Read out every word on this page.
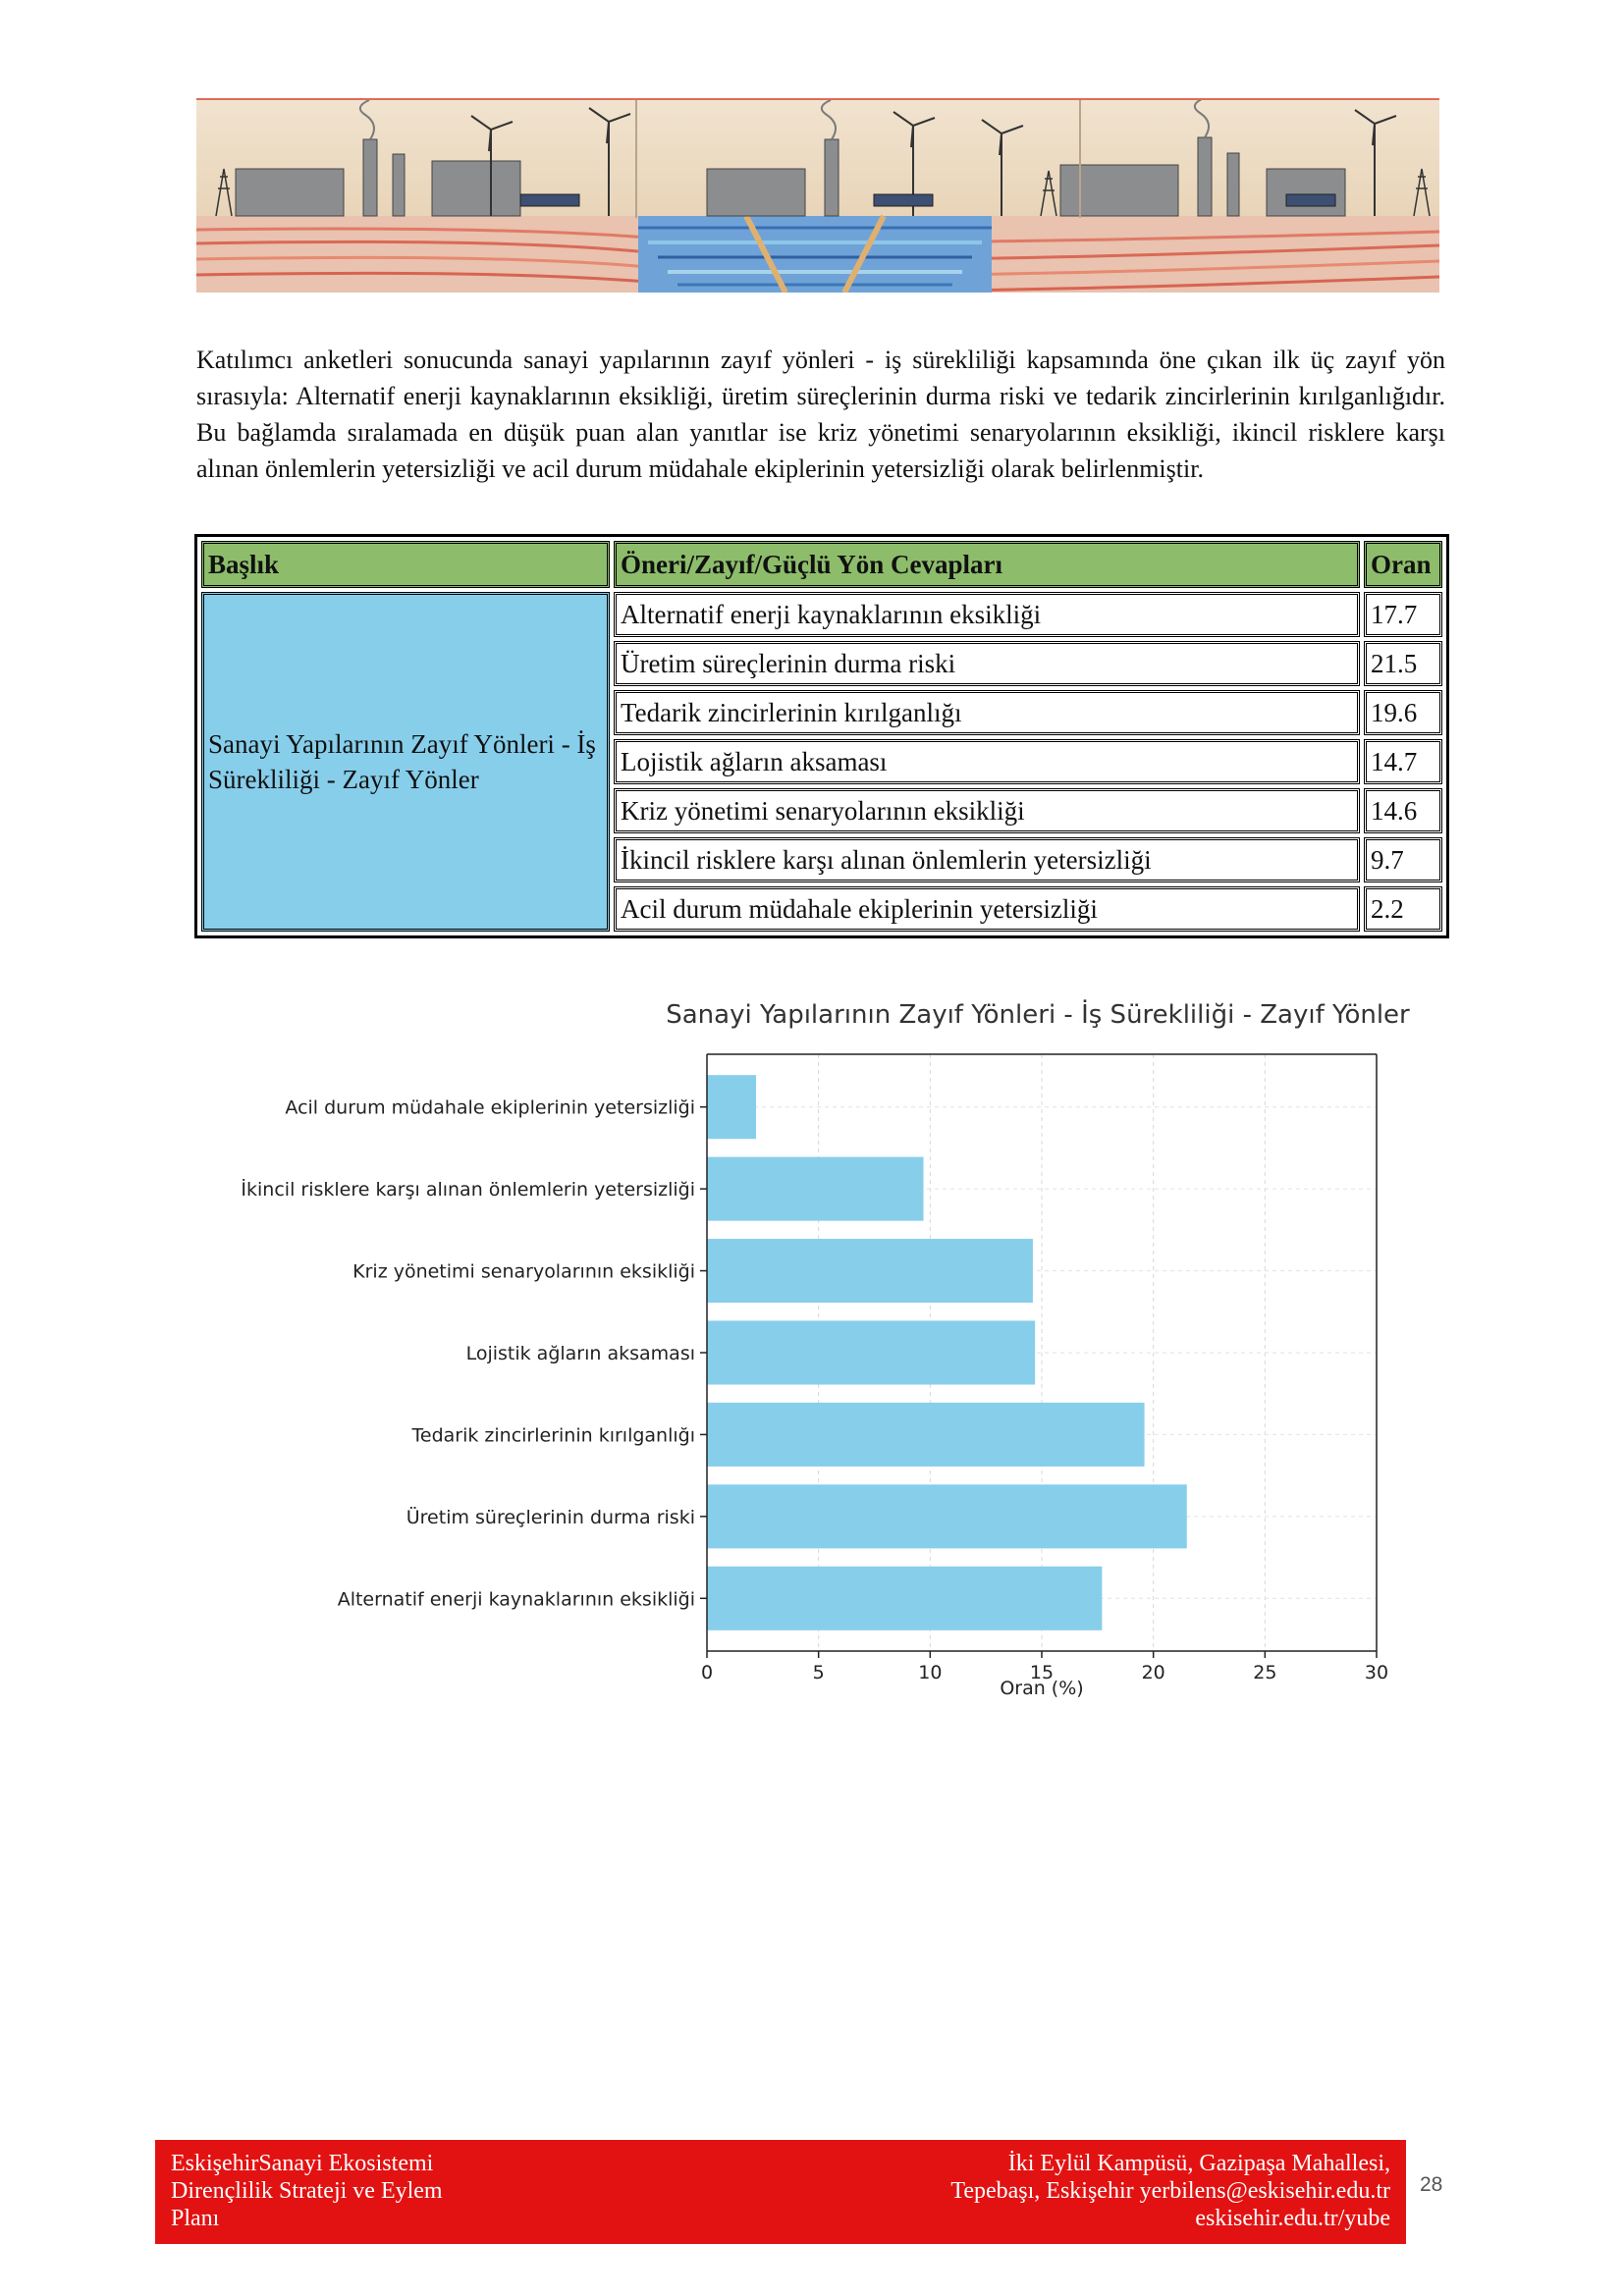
Katılımcı anketleri sonucunda sanayi yapılarının zayıf yönleri - iş sürekliliği kapsamında öne çıkan ilk üç zayıf yön sırasıyla: Alternatif enerji kaynaklarının eksikliği, üretim süreçlerinin durma riski ve tedarik zincirlerinin kırılganlığıdır. Bu bağlamda sıralamada en düşük puan alan yanıtlar ise kriz yönetimi senaryolarının eksikliği, ikincil risklere karşı alınan önlemlerin yetersizliği ve acil durum müdahale ekiplerinin yetersizliği olarak belirlenmiştir.

Başlık	Öneri/Zayıf/Güçlü Yön Cevapları	Oran
Sanayi Yapılarının Zayıf Yönleri - İş Sürekliliği - Zayıf Yönler	Alternatif enerji kaynaklarının eksikliği	17.7
	Üretim süreçlerinin durma riski	21.5
	Tedarik zincirlerinin kırılganlığı	19.6
	Lojistik ağların aksaması	14.7
	Kriz yönetimi senaryolarının eksikliği	14.6
	İkincil risklere karşı alınan önlemlerin yetersizliği	9.7
	Acil durum müdahale ekiplerinin yetersizliği	2.2
Sanayi Yapılarının Zayıf Yönleri - İş Sürekliliği - Zayıf Yönler
0	5	10	15	20	25	30
Acil durum müdahale ekiplerinin yetersizliği
İkincil risklere karşı alınan önlemlerin yetersizliği
Kriz yönetimi senaryolarının eksikliği
Lojistik ağların aksaması
Tedarik zincirlerinin kırılganlığı
Üretim süreçlerinin durma riski
Alternatif enerji kaynaklarının eksikliği
Oran (%)
EskişehirSanayi Ekosistemi
Dirençlilik Strateji ve Eylem
Planı
İki Eylül Kampüsü, Gazipaşa Mahallesi,
Tepebaşı, Eskişehir yerbilens@eskisehir.edu.tr
eskisehir.edu.tr/yube
28
